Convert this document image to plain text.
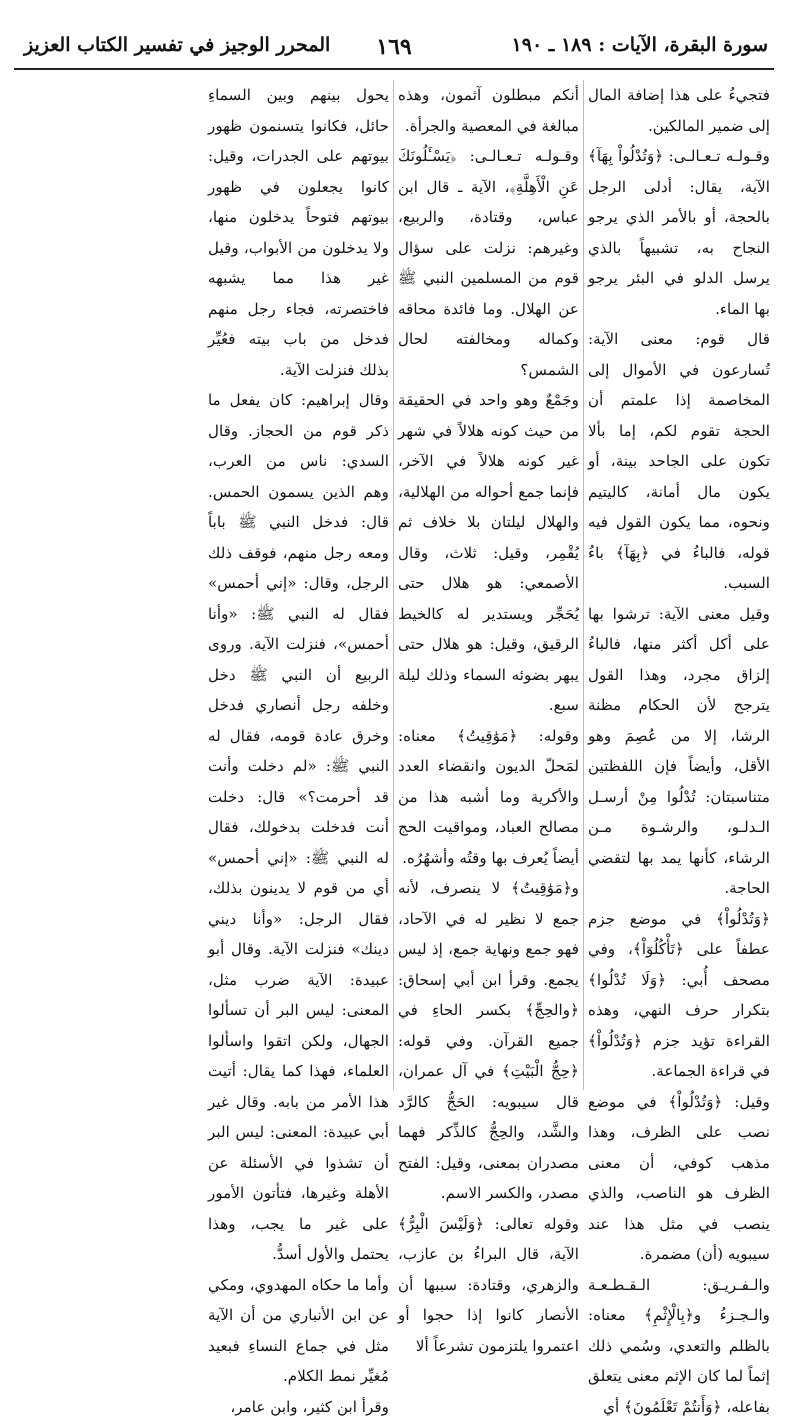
سورة البقرة، الآيات : ١٨٩ ـ ١٩٠
١٦٩
المحرر الوجيز في تفسير الكتاب العزيز

فتجيءُ على هذا إضافة المال إلى ضمير المالكين.

وقـولـه تـعـالـى: ﴿وَتُدْلُواْ بِهَآ﴾ الآية، يقال: أدلى الرجل بالحجة، أو بالأمر الذي يرجو النجاح به، تشبيهاً بالذي يرسل الدلو في البئر يرجو بها الماء.

قال قوم: معنى الآية: تُسارعون في الأموال إلى المخاصمة إذا علمتم أن الحجة تقوم لكم، إما بألا تكون على الجاحد بينة، أو يكون مال أمانة، كاليتيم ونحوه، مما يكون القول فيه قوله، فالباءُ في ﴿بِهَآ﴾ باءُ السبب.

وقيل معنى الآية: ترشوا بها على أكل أكثر منها، فالباءُ إلزاق مجرد، وهذا القول يترجح لأن الحكام مظنة الرشا، إلا من عُصِمَ وهو الأقل، وأيضاً فإن اللفظتين متناسبتان: تُدْلُوا مِنْ أرسـل الـدلـو، والرشـوة مـن الرشاء، كأنها يمد بها لتقضي الحاجة.

﴿وَتُدْلُواْ﴾ في موضع جزم عطفاً على ﴿تَأْكُلُوٓاْ﴾، وفي مصحف أُبي: ﴿وَلَا تُدْلُوا﴾ بتكرار حرف النهي، وهذه القراءة تؤيد جزم ﴿وَتُدْلُواْ﴾ في قراءة الجماعة.

وقيل: ﴿وَتُدْلُواْ﴾ في موضع نصب على الظرف، وهذا مذهب كوفي، أن معنى الظرف هو الناصب، والذي ينصب في مثل هذا عند سيبويه (أن) مضمرة.

والـفـريـق: الـقـطـعـة والـجـزءُ و﴿بِالْإِثْمِ﴾ معناه: بالظلم والتعدي، وسُمي ذلك إثماً لما كان الإثم معنى يتعلق بفاعله، ﴿وَأَنتُمْ تَعْلَمُونَ﴾ أي

أنكم مبطلون آثمون، وهذه مبالغة في المعصية والجرأة.

وقـولـه تـعـالـى: ﴿يَسْـَٔلُونَكَ عَنِ الْأَهِلَّةِ﴾، الآية ـ قال ابن عباس، وقتادة، والربيع، وغيرهم: نزلت على سؤال قوم من المسلمين النبي ﷺ عن الهلال. وما فائدة محاقه وكماله ومخالفته لحال الشمس؟

وجَمْعٌ وهو واحد في الحقيقة من حيث كونه هلالاً في شهر غير كونه هلالاً في الآخر، فإنما جمع أحواله من الهلالية، والهلال ليلتان بلا خلاف ثم يُقْمِر، وقيل: ثلاث، وقال الأصمعي: هو هلال حتى يُحَجِّر ويستدير له كالخيط الرقيق، وقيل: هو هلال حتى يبهر بضوئه السماء وذلك ليلة سبع.

وقوله: ﴿مَوَٰقِيتُ﴾ معناه: لمَحلّ الديون وانقضاء العدد والأكرية وما أشبه هذا من مصالح العباد، ومواقيت الحج أيضاً يُعرف بها وقتُه وأشهُرُه.

و﴿مَوَٰقِيتُ﴾ لا ينصرف، لأنه جمع لا نظير له في الآحاد، فهو جمع ونهاية جمع، إذ ليس يجمع. وقرأ ابن أبي إسحاق: ﴿والحِجِّ﴾ بكسر الحاءِ في جميع القرآن. وفي قوله: ﴿حِجُّ الْبَيْتِ﴾ في آل عمران، قال سيبويه: الحَجُّ كالرَّد والشَّد، والحِجُّ كالذِّكر فهما مصدران بمعنى، وقيل: الفتح مصدر، والكسر الاسم.

وقوله تعالى: ﴿وَلَيْسَ الْبِرُّ﴾ الآية، قال البراءُ بن عازب، والزهري، وقتادة: سببها أن الأنصار كانوا إذا حجوا أو اعتمروا يلتزمون تشرعاً ألا

يحول بينهم وبين السماءِ حائل، فكانوا يتسنمون ظهور بيوتهم على الجدرات، وقيل: كانوا يجعلون في ظهور بيوتهم فتوحاً يدخلون منها، ولا يدخلون من الأبواب، وقيل غير هذا مما يشبهه فاختصرته، فجاء رجل منهم فدخل من باب بيته فعُيِّر بذلك فنزلت الآية.

وقال إبراهيم: كان يفعل ما ذكر قوم من الحجاز. وقال السدي: ناس من العرب، وهم الذين يسمون الحمس. قال: فدخل النبي ﷺ باباً ومعه رجل منهم، فوقف ذلك الرجل، وقال: «إني أحمس» فقال له النبي ﷺ: «وأنا أحمس»، فنزلت الآية. وروى الربيع أن النبي ﷺ دخل وخلفه رجل أنصاري فدخل وخرق عادة قومه، فقال له النبي ﷺ: «لم دخلت وأنت قد أحرمت؟» قال: دخلت أنت فدخلت بدخولك، فقال له النبي ﷺ: «إني أحمس» أي من قوم لا يدينون بذلك، فقال الرجل: «وأنا ديني دينك» فنزلت الآية. وقال أبو عبيدة: الآية ضرب مثل، المعنى: ليس البر أن تسألوا الجهال، ولكن اتقوا واسألوا العلماء، فهذا كما يقال: أتيت هذا الأمر من بابه. وقال غير أبي عبيدة: المعنى: ليس البر أن تشذوا في الأسئلة عن الأهلة وغيرها، فتأتون الأمور على غير ما يجب، وهذا يحتمل والأول أسدُّ.

وأما ما حكاه المهدوي، ومكي عن ابن الأنباري من أن الآية مثل في جماع النساءِ فبعيد مُغيِّر نمط الكلام.

وقرأ ابن كثير، وابن عامر،
